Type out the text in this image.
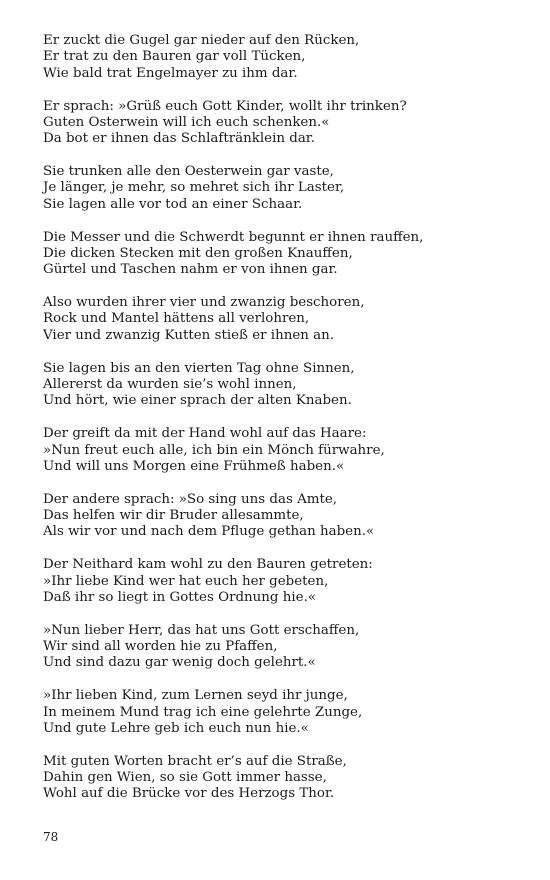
Er zuckt die Gugel gar nieder auf den Rücken,
Er trat zu den Bauren gar voll Tücken,
Wie bald trat Engelmayer zu ihm dar.
Er sprach: »Grüß euch Gott Kinder, wollt ihr trinken?
Guten Osterwein will ich euch schenken.«
Da bot er ihnen das Schlaftränklein dar.
Sie trunken alle den Oesterwein gar vaste,
Je länger, je mehr, so mehret sich ihr Laster,
Sie lagen alle vor tod an einer Schaar.
Die Messer und die Schwerdt begunnt er ihnen rauffen,
Die dicken Stecken mit den großen Knauffen,
Gürtel und Taschen nahm er von ihnen gar.
Also wurden ihrer vier und zwanzig beschoren,
Rock und Mantel hättens all verlohren,
Vier und zwanzig Kutten stieß er ihnen an.
Sie lagen bis an den vierten Tag ohne Sinnen,
Allererst da wurden sie’s wohl innen,
Und hört, wie einer sprach der alten Knaben.
Der greift da mit der Hand wohl auf das Haare:
»Nun freut euch alle, ich bin ein Mönch fürwahre,
Und will uns Morgen eine Frühmeß haben.«
Der andere sprach: »So sing uns das Amte,
Das helfen wir dir Bruder allesammte,
Als wir vor und nach dem Pfluge gethan haben.«
Der Neithard kam wohl zu den Bauren getreten:
»Ihr liebe Kind wer hat euch her gebeten,
Daß ihr so liegt in Gottes Ordnung hie.«
»Nun lieber Herr, das hat uns Gott erschaffen,
Wir sind all worden hie zu Pfaffen,
Und sind dazu gar wenig doch gelehrt.«
»Ihr lieben Kind, zum Lernen seyd ihr junge,
In meinem Mund trag ich eine gelehrte Zunge,
Und gute Lehre geb ich euch nun hie.«
Mit guten Worten bracht er’s auf die Straße,
Dahin gen Wien, so sie Gott immer hasse,
Wohl auf die Brücke vor des Herzogs Thor.
78
